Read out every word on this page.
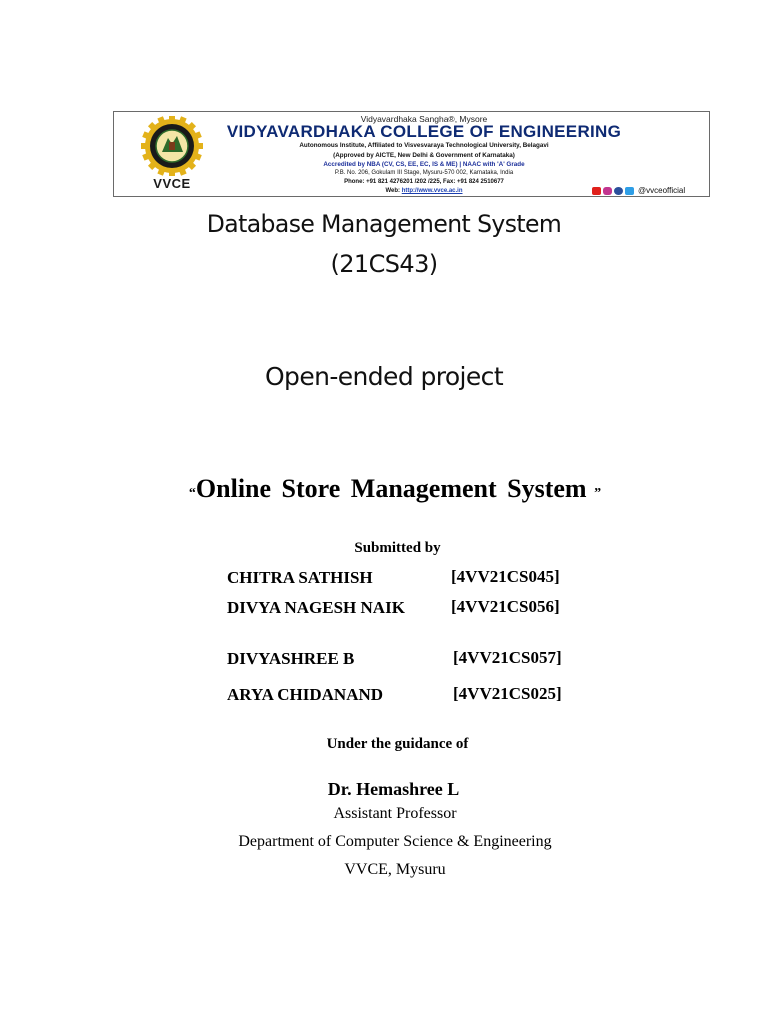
VVCE
Vidyavardhaka Sangha®, Mysore
VIDYAVARDHAKA COLLEGE OF ENGINEERING
Autonomous Institute, Affiliated to Visvesvaraya Technological University, Belagavi
(Approved by AICTE, New Delhi & Government of Karnataka)
Accredited by NBA (CV, CS, EE, EC, IS & ME) | NAAC with 'A' Grade
P.B. No. 206, Gokulam III Stage, Mysuru-570 002, Karnataka, India
Phone: +91 821 4276201 /202 /225, Fax: +91 824 2510677
Web: http://www.vvce.ac.in	@vvceofficial
Database Management System
(21CS43)
Open-ended project
“Online Store Management System ”
Submitted by
CHITRA SATHISH	[4VV21CS045]
DIVYA NAGESH NAIK	[4VV21CS056]
DIVYASHREE B	[4VV21CS057]
ARYA CHIDANAND	[4VV21CS025]
Under the guidance of
Dr. Hemashree L
Assistant Professor
Department of Computer Science & Engineering
VVCE, Mysuru
